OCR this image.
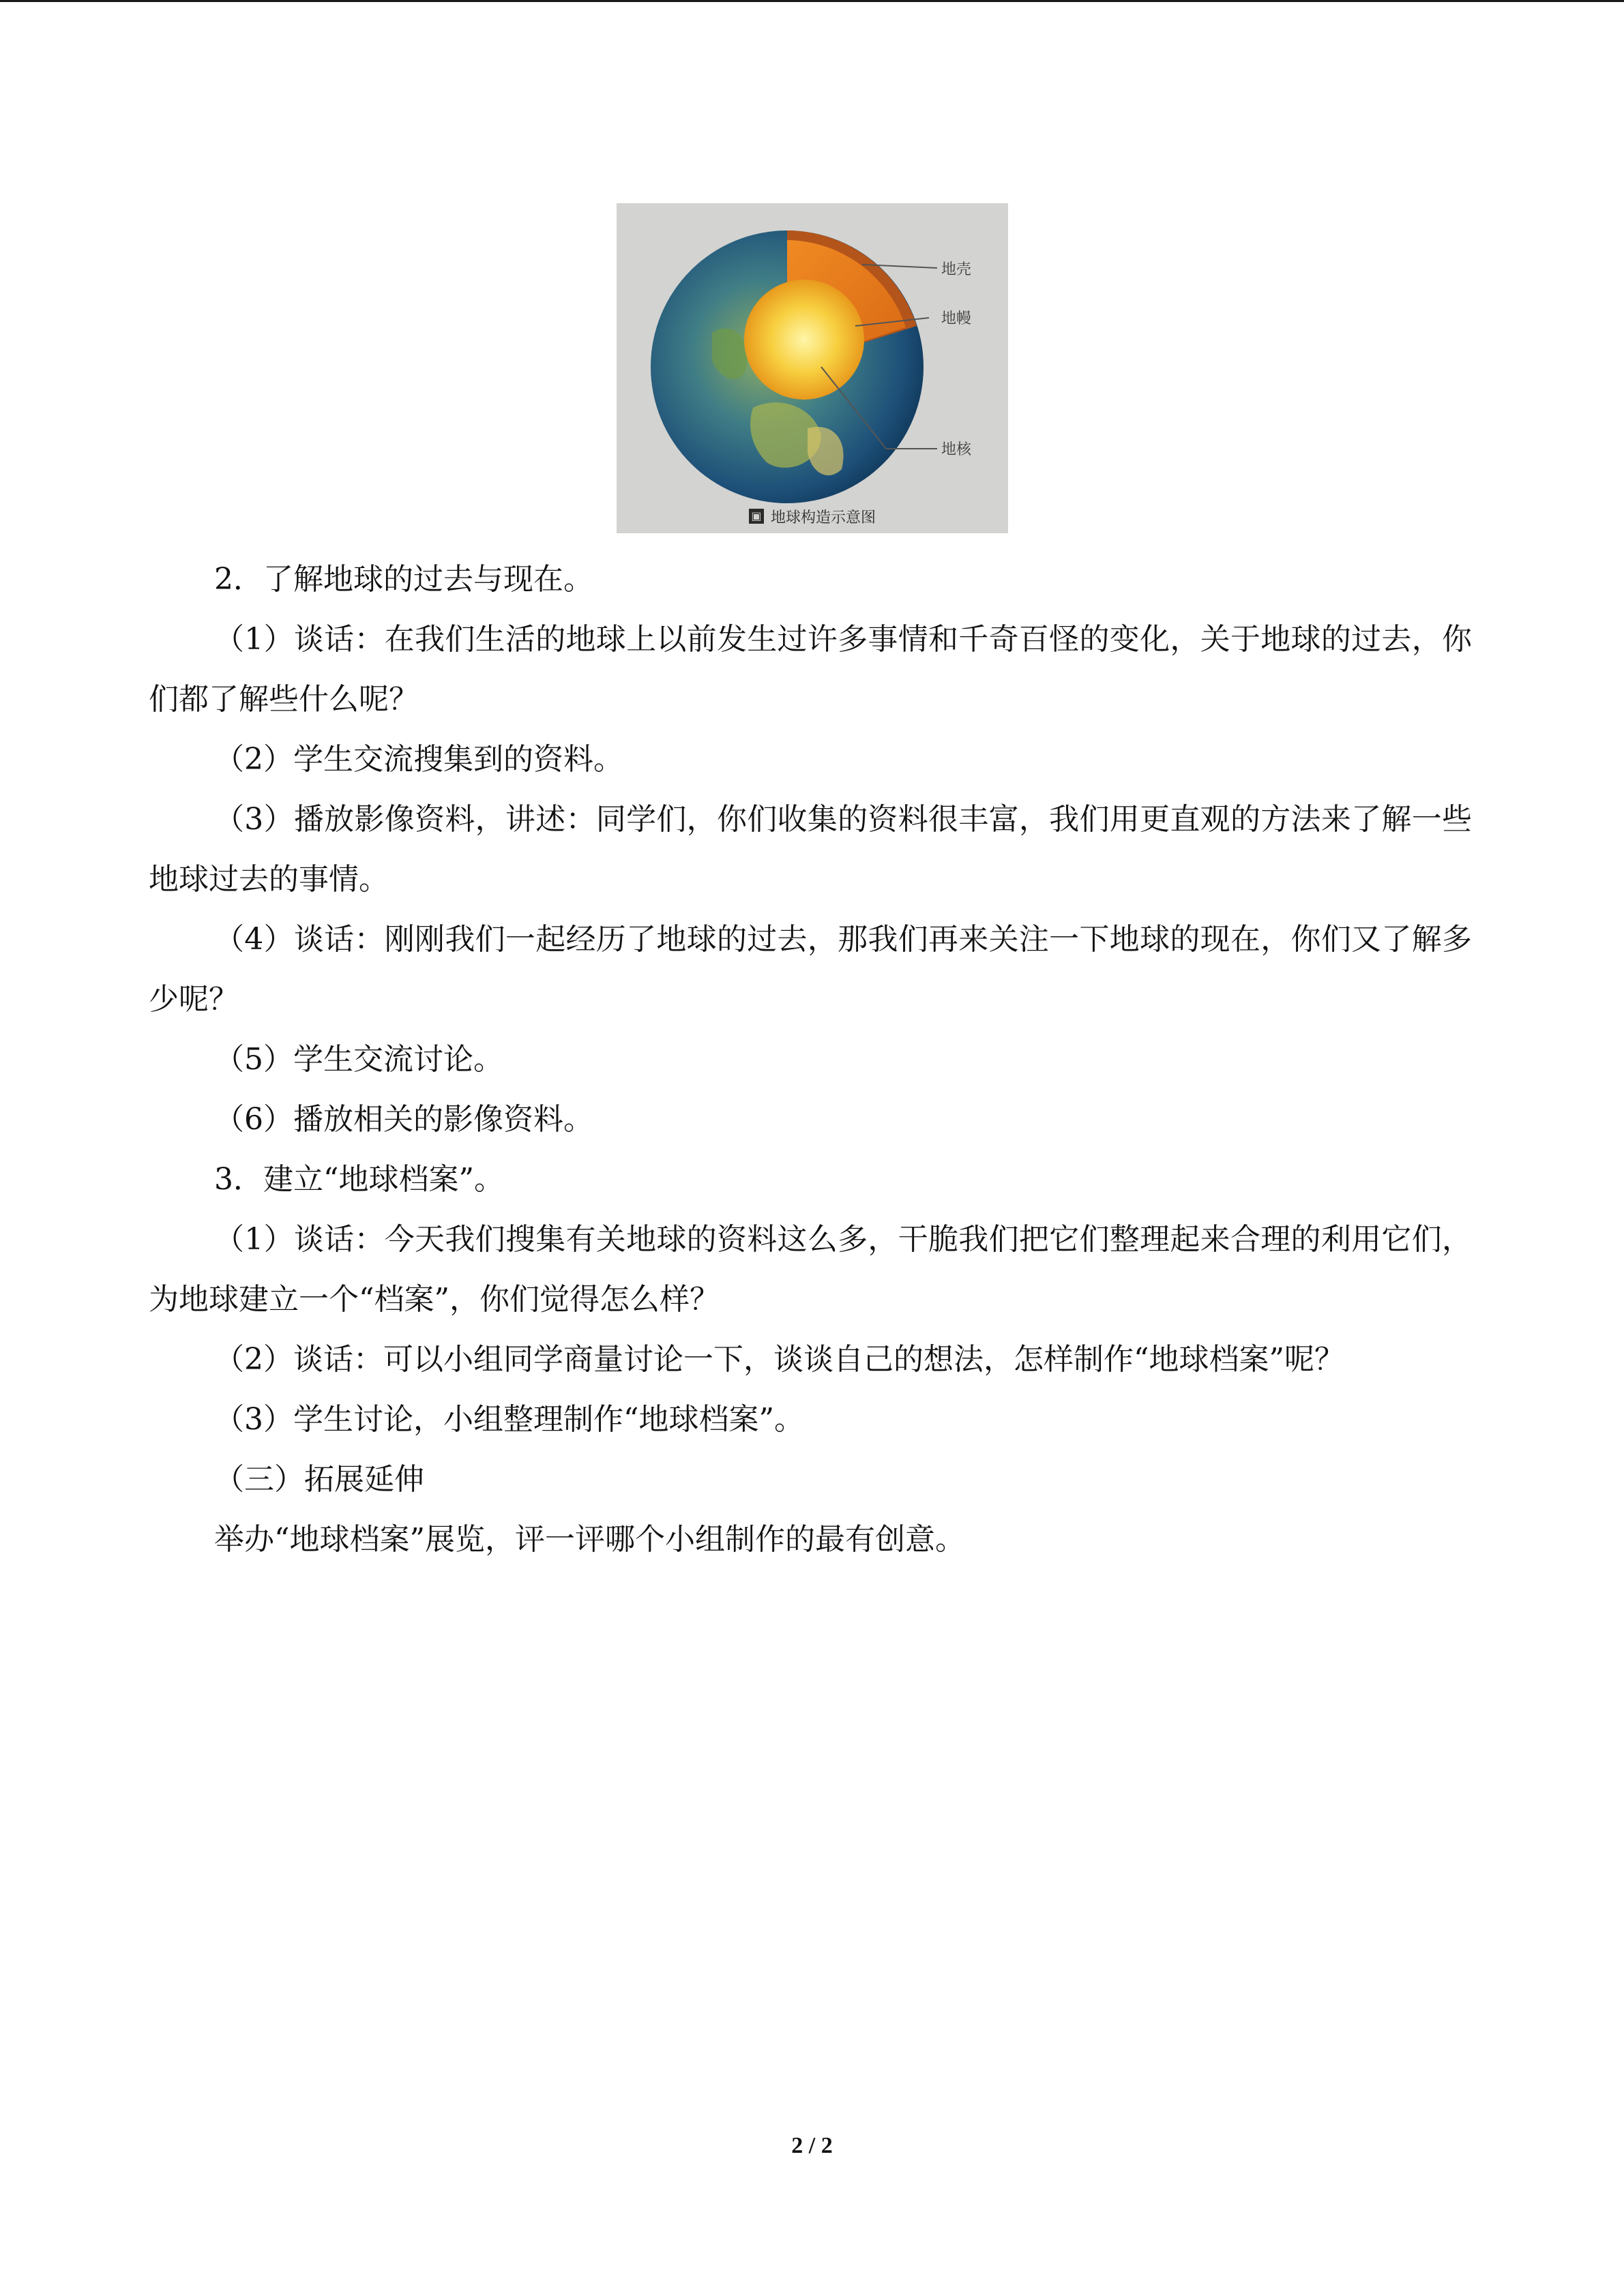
地壳
地幔
地核
▣ 地球构造示意图

2．了解地球的过去与现在。

（1）谈话：在我们生活的地球上以前发生过许多事情和千奇百怪的变化，关于地球的过去，你们都了解些什么呢？

（2）学生交流搜集到的资料。

（3）播放影像资料，讲述：同学们，你们收集的资料很丰富，我们用更直观的方法来了解一些地球过去的事情。

（4）谈话：刚刚我们一起经历了地球的过去，那我们再来关注一下地球的现在，你们又了解多少呢？

（5）学生交流讨论。

（6）播放相关的影像资料。

3．建立“地球档案”。

（1）谈话：今天我们搜集有关地球的资料这么多，干脆我们把它们整理起来合理的利用它们，为地球建立一个“档案”，你们觉得怎么样？

（2）谈话：可以小组同学商量讨论一下，谈谈自己的想法，怎样制作“地球档案”呢？

（3）学生讨论，小组整理制作“地球档案”。

（三）拓展延伸

举办“地球档案”展览，评一评哪个小组制作的最有创意。

2 / 2
